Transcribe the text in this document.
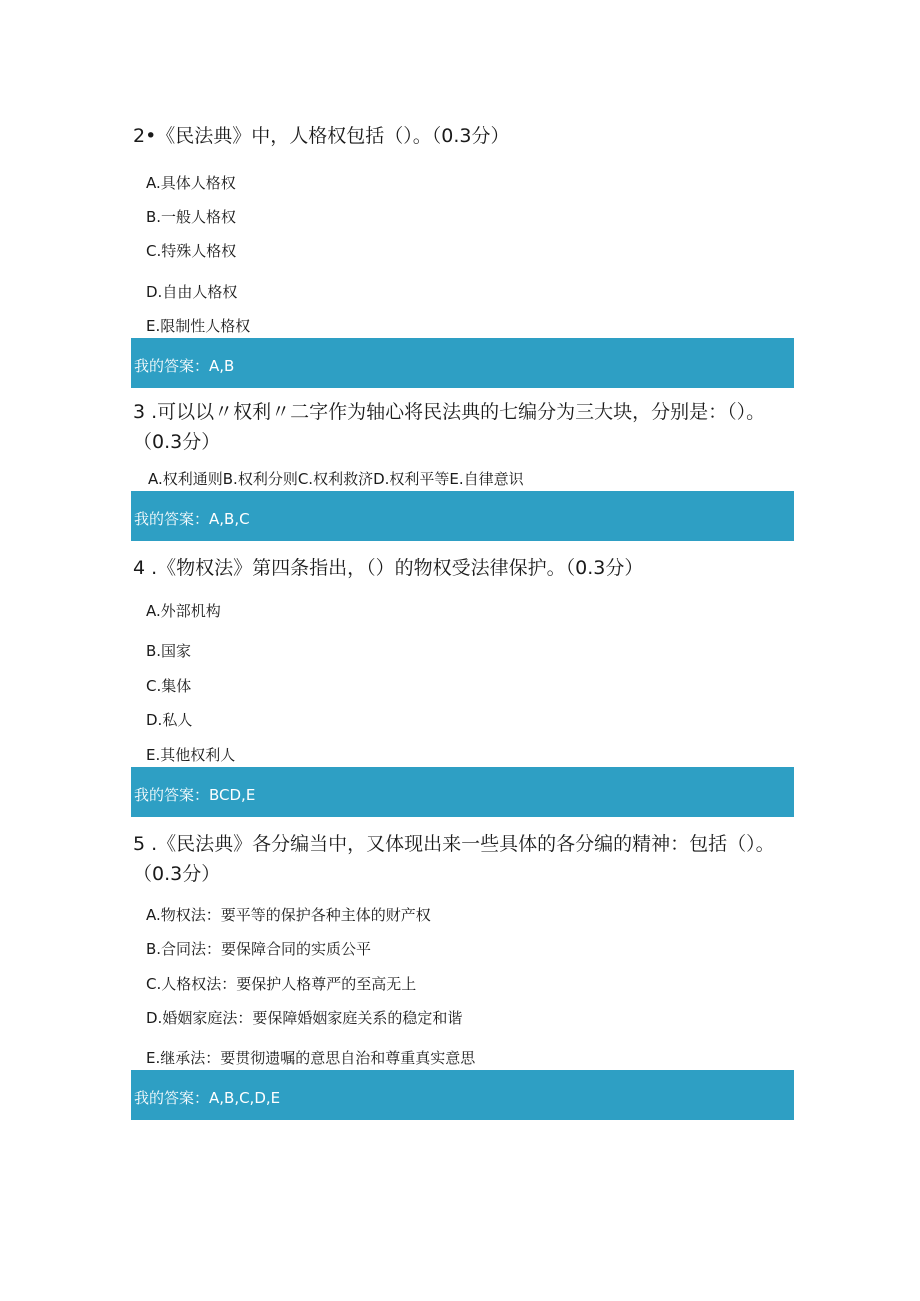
2•《民法典》中，人格权包括（）。（0.3分）
A.具体人格权
B.一般人格权
C.特殊人格权
D.自由人格权
E.限制性人格权
我的答案：A,B
3 .可以以〃权利〃二字作为轴心将民法典的七编分为三大块，分别是：（）。
（0.3分）
A.权利通则B.权利分则C.权利救济D.权利平等E.自律意识
我的答案：A,B,C
4 .《物权法》第四条指出，（）的物权受法律保护。（0.3分）
A.外部机构
B.国家
C.集体
D.私人
E.其他权利人
我的答案：BCD,E
5 .《民法典》各分编当中，又体现出来一些具体的各分编的精神：包括（）。
（0.3分）
A.物权法：要平等的保护各种主体的财产权
B.合同法：要保障合同的实质公平
C.人格权法：要保护人格尊严的至高无上
D.婚姻家庭法：要保障婚姻家庭关系的稳定和谐
E.继承法：要贯彻遗嘱的意思自治和尊重真实意思
我的答案：A,B,C,D,E
